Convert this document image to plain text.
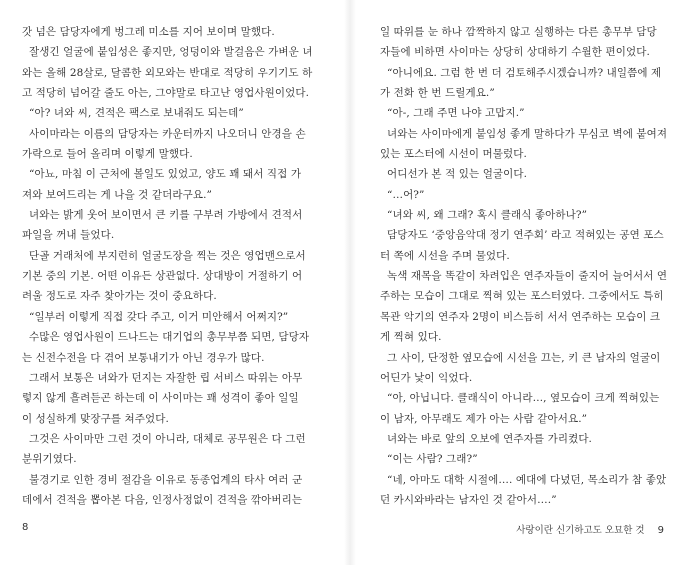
갓 넘은 담당자에게 벙그레 미소를 지어 보이며 말했다.
잘생긴 얼굴에 붙임성은 좋지만, 엉덩이와 발걸음은 가벼운 녀
와는 올해 28살로, 달콤한 외모와는 반대로 적당히 우기기도 하
고 적당히 넘어갈 줄도 아는, 그야말로 타고난 영업사원이었다.
“아? 녀와 씨, 견적은 팩스로 보내줘도 되는데”
사이마라는 이름의 담당자는 카운터까지 나오더니 안경을 손
가락으로 들어 올리며 이렇게 말했다.
“아뇨, 마침 이 근처에 볼일도 있었고, 양도 꽤 돼서 직접 가
져와 보여드리는 게 나을 것 같더라구요.”
녀와는 밝게 웃어 보이면서 큰 키를 구부려 가방에서 견적서
파일을 꺼내 들었다.
단골 거래처에 부지런히 얼굴도장을 찍는 것은 영업맨으로서
기본 중의 기본. 어떤 이유든 상관없다. 상대방이 거절하기 어
려울 정도로 자주 찾아가는 것이 중요하다.
“일부러 이렇게 직접 갖다 주고, 이거 미안해서 어쩌지?”
수많은 영업사원이 드나드는 대기업의 총무부쯤 되면, 담당자
는 신전수전을 다 겪어 보통내기가 아닌 경우가 많다.
그래서 보통은 녀와가 던지는 자잘한 립 서비스 따위는 아무
렇지 않게 흘려듣곤 하는데 이 사이마는 꽤 성격이 좋아 일일
이 성실하게 맞장구를 쳐주었다.
그것은 사이마만 그런 것이 아니라, 대체로 공무원은 다 그런
분위기였다.
불경기로 인한 경비 절감을 이유로 동종업계의 타사 여러 군
데에서 견적을 뽑아본 다음, 인정사정없이 견적을 깎아버리는
8
일 따위를 눈 하나 깜짝하지 않고 실행하는 다른 총무부 담당
자들에 비하면 사이마는 상당히 상대하기 수월한 편이었다.
“아니에요. 그럼 한 번 더 검토해주시겠습니까? 내일쯤에 제
가 전화 한 번 드릴게요.”
“아-, 그래 주면 나야 고맙지.”
녀와는 사이마에게 붙임성 좋게 말하다가 무심코 벽에 붙여져
있는 포스터에 시선이 머물렀다.
어디선가 본 적 있는 얼굴이다.
“…어?”
“녀와 씨, 왜 그래? 혹시 클래식 좋아하나?”
담당자도 ‘중앙음악대 정기 연주회’ 라고 적혀있는 공연 포스
터 쪽에 시선을 주며 물었다.
녹색 재목을 똑같이 차려입은 연주자들이 줄지어 늘어서서 연
주하는 모습이 그대로 찍혀 있는 포스터였다. 그중에서도 특히
목관 악기의 연주자 2명이 비스듬히 서서 연주하는 모습이 크
게 찍혀 있다.
그 사이, 단정한 옆모습에 시선을 끄는, 키 큰 남자의 얼굴이
어딘가 낯이 익었다.
“아, 아닙니다. 클래식이 아니라…, 옆모습이 크게 찍혀있는
이 남자, 아무래도 제가 아는 사람 같아서요.”
녀와는 바로 앞의 오보에 연주자를 가리켰다.
“이는 사람? 그래?”
“네, 아마도 대학 시절에…. 예대에 다녔던, 목소리가 참 좋았
던 카시와바라는 남자인 것 같아서….”
사랑이란 신기하고도 오묘한 것 9
